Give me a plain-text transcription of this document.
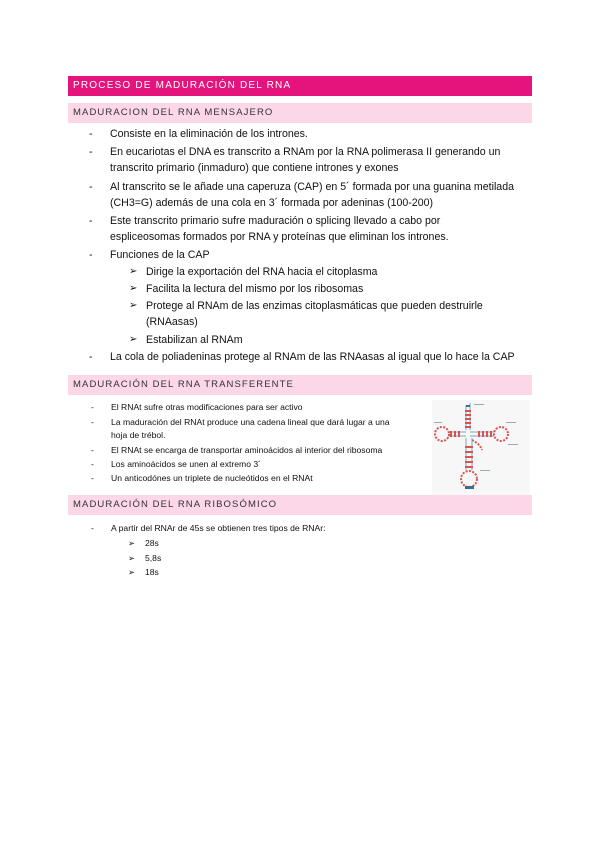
PROCESO DE MADURACIÓN DEL RNA
MADURACION DEL RNA MENSAJERO
- Consiste en la eliminación de los intrones.
- En eucariotas el DNA es transcrito a RNAm por la RNA polimerasa II generando un
transcrito primario (inmaduro) que contiene intrones y exones
- Al transcrito se le añade una caperuza (CAP) en 5´ formada por una guanina metilada
(CH3=G) además de una cola en 3´ formada por adeninas (100-200)
- Este transcrito primario sufre maduración o splicing llevado a cabo por
espliceosomas formados por RNA y proteínas que eliminan los intrones.
- Funciones de la CAP
➢ Dirige la exportación del RNA hacia el citoplasma
➢ Facilita la lectura del mismo por los ribosomas
➢ Protege al RNAm de las enzimas citoplasmáticas que pueden destruirle
(RNAasas)
➢ Estabilizan al RNAm
- La cola de poliadeninas protege al RNAm de las RNAasas al igual que lo hace la CAP
MADURACIÓN DEL RNA TRANSFERENTE
- El RNAt sufre otras modificaciones para ser activo
- La maduración del RNAt produce una cadena lineal que dará lugar a una
hoja de trébol.
- El RNAt se encarga de transportar aminoácidos al interior del ribosoma
- Los aminoácidos se unen al extremo 3´
- Un anticodónes un triplete de nucleótidos en el RNAt
MADURACIÓN DEL RNA RIBOSÓMICO
- A partir del RNAr de 45s se obtienen tres tipos de RNAr:
➢ 28s
➢ 5,8s
➢ 18s
